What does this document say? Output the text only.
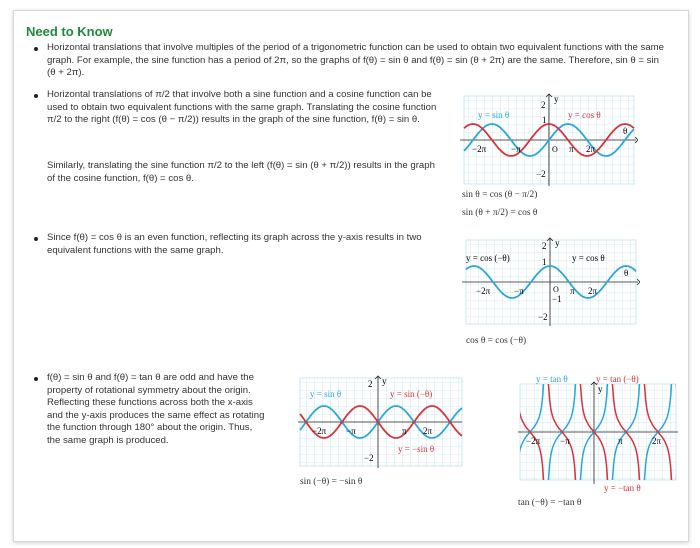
Need to Know

Horizontal translations that involve multiples of the period of a trigonometric function can be used to obtain two equivalent functions with the same graph. For example, the sine function has a period of 2π, so the graphs of f(θ) = sin θ and f(θ) = sin (θ + 2π) are the same. Therefore, sin θ = sin (θ + 2π).

Horizontal translations of π/2 that involve both a sine function and a cosine function can be used to obtain two equivalent functions with the same graph. Translating the cosine function π/2 to the right (f(θ) = cos (θ − π/2)) results in the graph of the sine function, f(θ) = sin θ.

Similarly, translating the sine function π/2 to the left (f(θ) = sin (θ + π/2)) results in the graph of the cosine function, f(θ) = cos θ.

Since f(θ) = cos θ is an even function, reflecting its graph across the y-axis results in two equivalent functions with the same graph.

f(θ) = sin θ and f(θ) = tan θ are odd and have the property of rotational symmetry about the origin. Reflecting these functions across both the x-axis and the y-axis produces the same effect as rotating the function through 180° about the origin. Thus, the same graph is produced.

y = sin θ	y = cos θ
2
1
−2
O
−2π	−π	π 2π
y
θ
sin θ = cos (θ − π/2)
sin (θ + π/2) = cos θ
y = cos (−θ)	y = cos θ
2
1
−1
−2
O
−2π	−π	π 2π
y
θ
cos θ = cos (−θ)
y = sin θ	y = sin (−θ)
y = −sin θ
2
−2
−2π −π	π 2π
y
sin (−θ) = −sin θ
y = tan θ	y = tan (−θ)
y = −tan θ
−2π −π	π	2π
y
tan (−θ) = −tan θ
